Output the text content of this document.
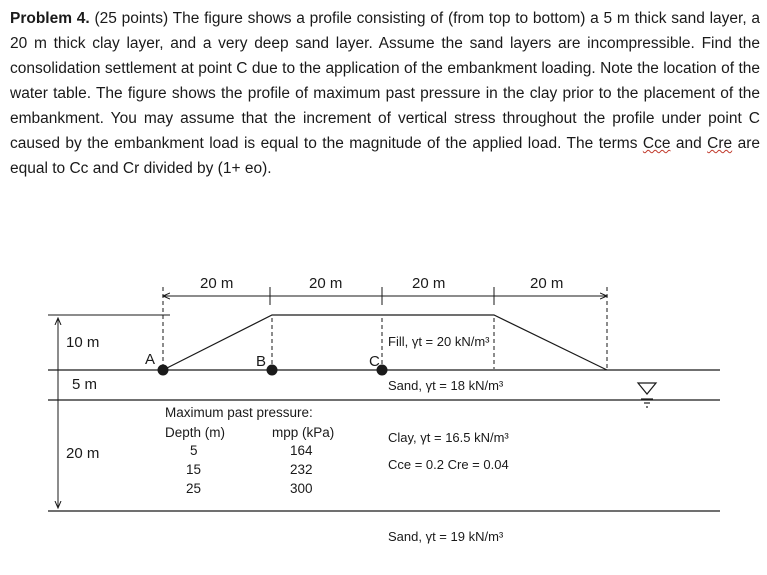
Problem 4. (25 points) The figure shows a profile consisting of (from top to bottom) a 5 m thick sand layer, a 20 m thick clay layer, and a very deep sand layer. Assume the sand layers are incompressible. Find the consolidation settlement at point C due to the application of the embankment loading. Note the location of the water table. The figure shows the profile of maximum past pressure in the clay prior to the placement of the embankment. You may assume that the increment of vertical stress throughout the profile under point C caused by the embankment load is equal to the magnitude of the applied load. The terms Cce and Cre are equal to Cc and Cr divided by (1+ eo).
20 m	20 m	20 m	20 m
10 m
5 m
20 m
A	B	C
Fill, γt = 20 kN/m³
Sand, γt = 18 kN/m³
Clay, γt = 16.5 kN/m³
Cce = 0.2 Cre = 0.04
Sand, γt = 19 kN/m³
Maximum past pressure:
Depth (m)	mpp (kPa)
5	164
15	232
25	300
